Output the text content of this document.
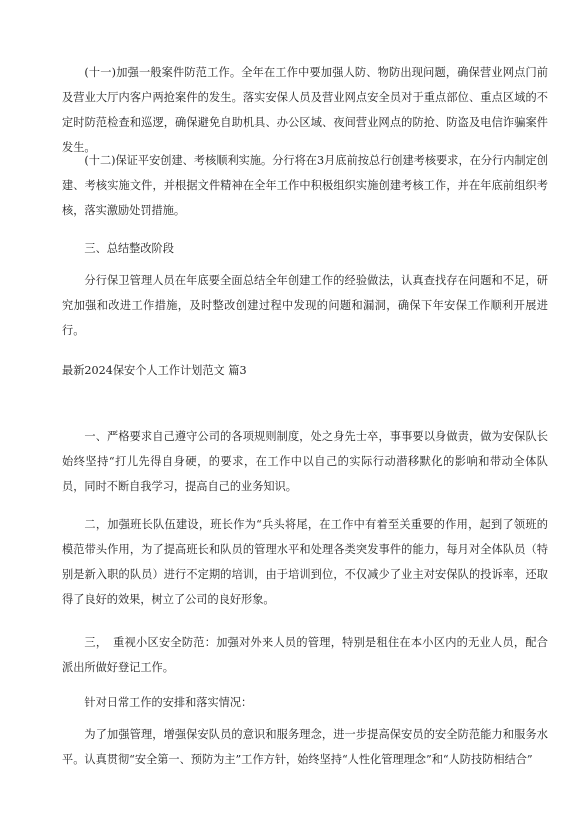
(十一)加强一般案件防范工作。全年在工作中要加强人防、物防出现问题，确保营业网点门前及营业大厅内客户两抢案件的发生。落实安保人员及营业网点安全员对于重点部位、重点区域的不定时防范检查和巡逻，确保避免自助机具、办公区域、夜间营业网点的防抢、防盗及电信诈骗案件发生。

(十二)保证平安创建、考核顺利实施。分行将在3月底前按总行创建考核要求，在分行内制定创建、考核实施文件，并根据文件精神在全年工作中积极组织实施创建考核工作，并在年底前组织考核，落实激励处罚措施。

三、总结整改阶段

分行保卫管理人员在年底要全面总结全年创建工作的经验做法，认真查找存在问题和不足，研究加强和改进工作措施，及时整改创建过程中发现的问题和漏洞，确保下年安保工作顺利开展进行。

最新2024保安个人工作计划范文 篇3

一、严格要求自己遵守公司的各项规则制度，处之身先士卒，事事要以身做责，做为安保队长始终坚持“打儿先得自身硬，的要求，在工作中以自己的实际行动潜移默化的影响和带动全体队员，同时不断自我学习，提高自己的业务知识。

二，加强班长队伍建设，班长作为“兵头将尾，在工作中有着至关重要的作用，起到了领班的模范带头作用，为了提高班长和队员的管理水平和处理各类突发事件的能力，每月对全体队员（特别是新入职的队员）进行不定期的培训，由于培训到位，不仅减少了业主对安保队的投诉率，还取得了良好的效果，树立了公司的良好形象。

三，　重视小区安全防范：加强对外来人员的管理，特别是租住在本小区内的无业人员，配合派出所做好登记工作。

针对日常工作的安排和落实情况：

为了加强管理，增强保安队员的意识和服务理念，进一步提高保安员的安全防范能力和服务水平。认真贯彻“安全第一、预防为主”工作方针，始终坚持“人性化管理理念”和“人防技防相结合”
